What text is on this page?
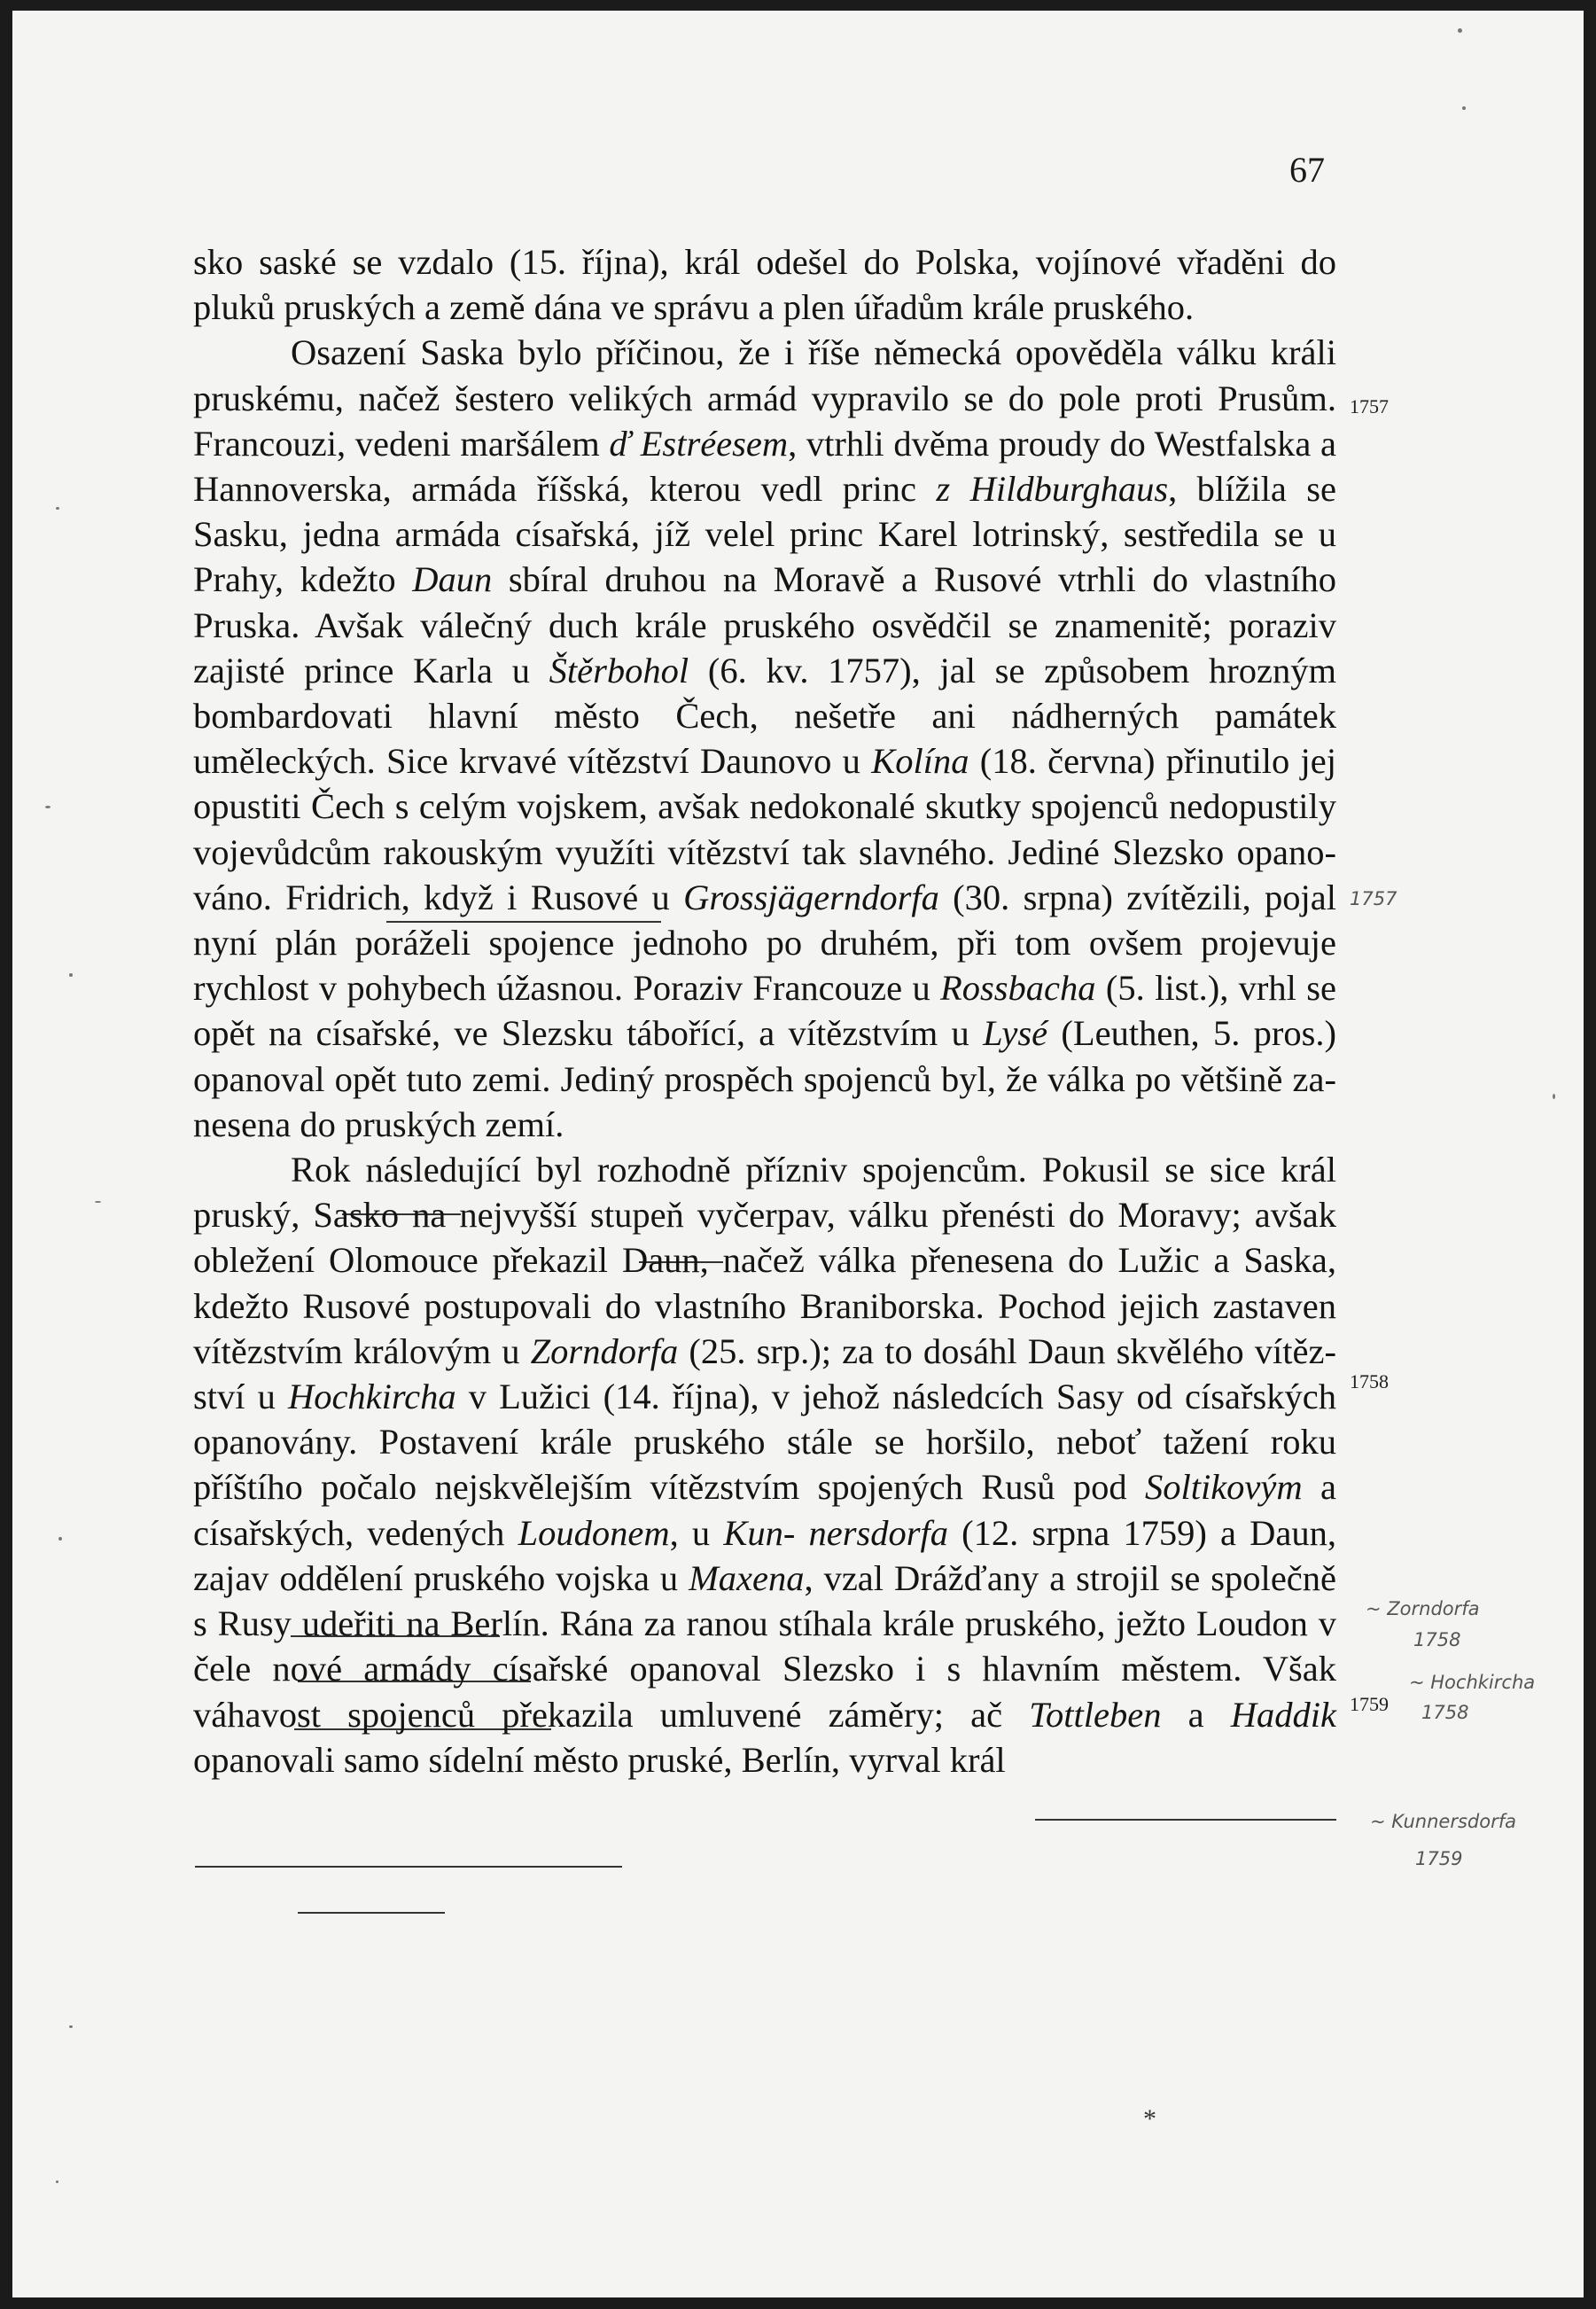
67

sko saské se vzdalo (15. října), král odešel do Polska, vojínové vřaděni do pluků pruských a země dána ve správu a plen úřadům krále pruského.

Osazení Saska bylo příčinou, že i říše německá opověděla válku králi pruskému, načež šestero velikých armád vypravilo se do pole proti Prusům. Francouzi, vedeni maršálem ď Estréesem, vtrhli dvěma proudy do Westfalska a Hannoverska, armáda říšská, kterou vedl princ z Hildburghaus, blížila se Sasku, jedna armáda císařská, jíž velel princ Karel lotrinský, sestředila se u Prahy, kdežto Daun sbíral druhou na Moravě a Rusové vtrhli do vlastního Pruska. Avšak válečný duch krále pruského osvědčil se znamenitě; poraziv zajisté prince Karla u Štěrbohol (6. kv. 1757), jal se způsobem hrozným bombardovati hlavní město Čech, nešetře ani nádherných památek uměleckých. Sice krvavé vítězství Daunovo u Kolína (18. června) přinutilo jej opustiti Čech s celým vojskem, avšak nedokonalé skutky spojenců nedopustily vojevůdcům rakouským využíti vítězství tak slavného. Jediné Slezsko opanováno. Fridrich, když i Rusové u Grossjägerndorfa (30. srpna) zvítězili, pojal nyní plán poráželi spojence jednoho po druhém, při tom ovšem projevuje rychlost v pohybech úžasnou. Poraziv Francouze u Rossbacha (5. list.), vrhl se opět na císařské, ve Slezsku tábořící, a vítězstvím u Lysé (Leuthen, 5. pros.) opanoval opět tuto zemi. Jediný prospěch spojenců byl, že válka po většině zanesena do pruských zemí.

Rok následující byl rozhodně přízniv spojencům. Pokusil se sice král pruský, Sasko na nejvyšší stupeň vyčerpav, válku přenésti do Moravy; avšak obležení Olomouce překazil Daun, načež válka přenesena do Lužic a Saska, kdežto Rusové postupovali do vlastního Braniborska. Pochod jejich zastaven vítězstvím královým u Zorndorfa (25. srp.); za to dosáhl Daun skvělého vítězství u Hochkircha v Lužici (14. října), v jehož následcích Sasy od císařských opanovány. Postavení krále pruského stále se horšilo, neboť tažení roku příštího počalo nejskvělejším vítězstvím spojených Rusů pod Soltikovým a císařských, vedených Loudonem, u Kun- nersdorfa (12. srpna 1759) a Daun, zajav oddělení pruského vojska u Maxena, vzal Drážďany a strojil se společně s Rusy udeřiti na Berlín. Rána za ranou stíhala krále pruského, ježto Loudon v čele nové armády císařské opanoval Slezsko i s hlavním městem. Však váhavost spojenců překazila umluvené záměry; ač Tottleben a Haddik opanovali samo sídelní město pruské, Berlín, vyrval král

1757
1758
1759
1757
~ Zorndorfa
1758
~ Hochkircha
1758
~ Kunnersdorfa
1759
*
